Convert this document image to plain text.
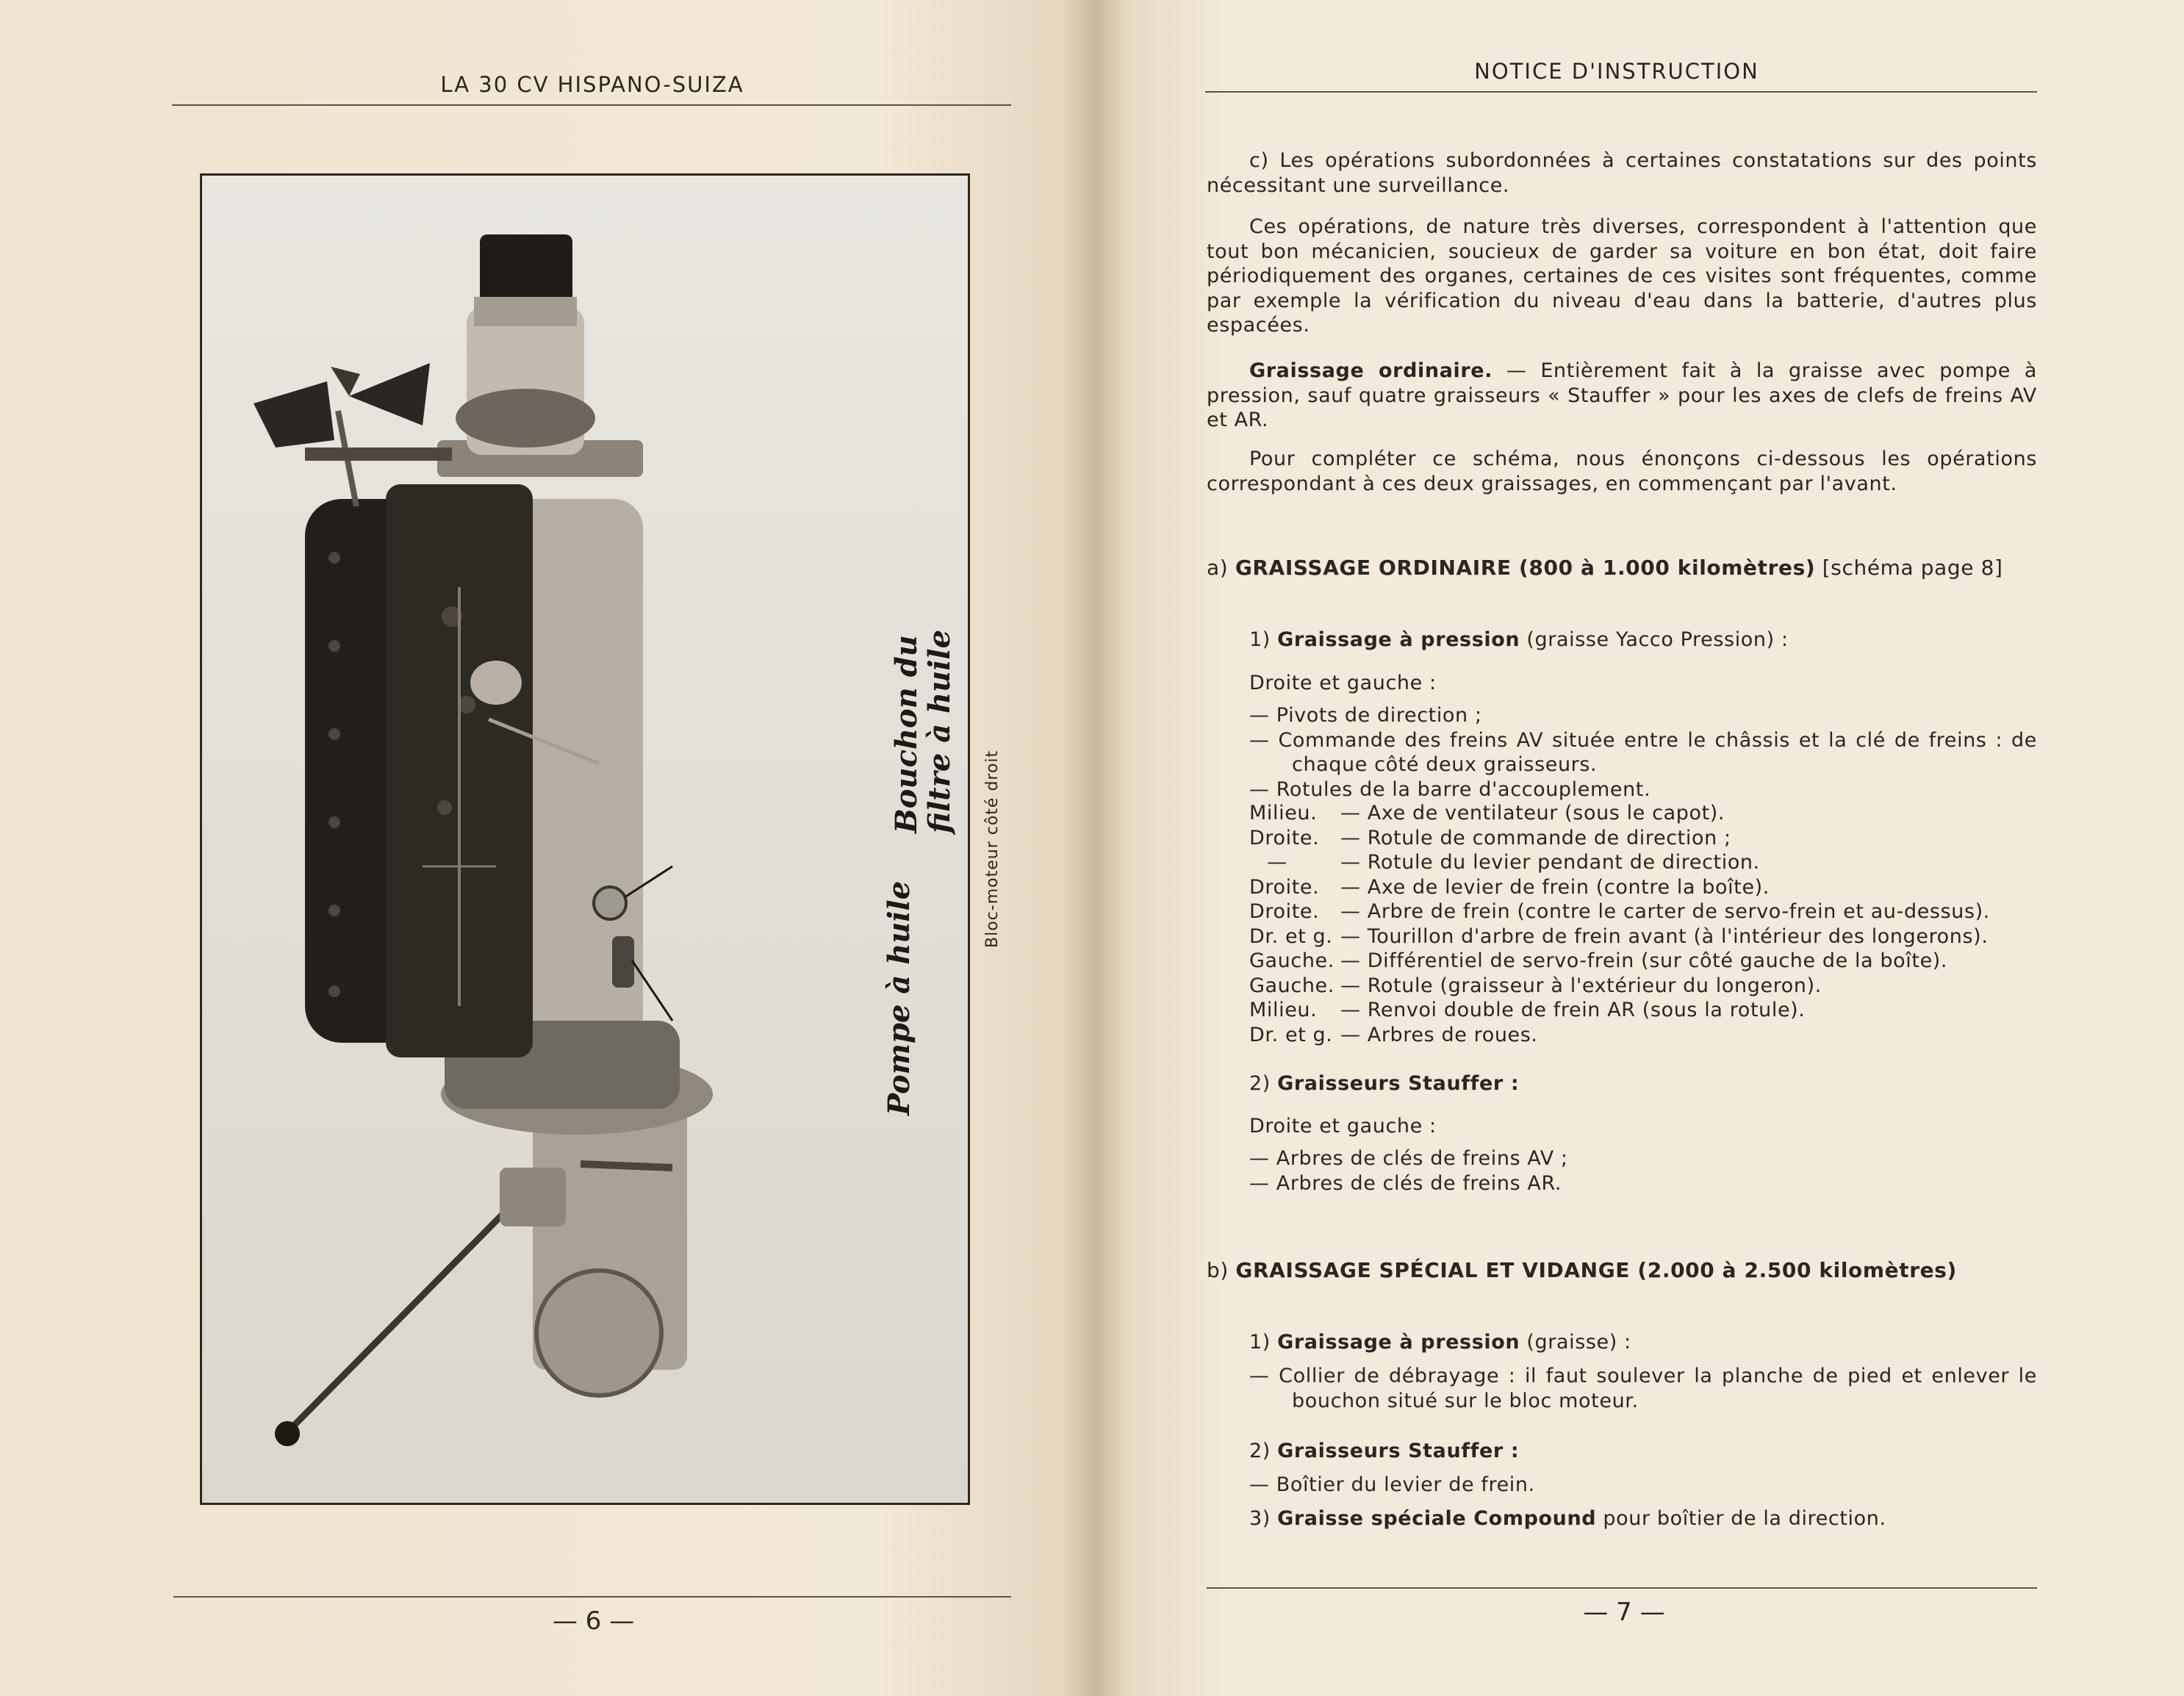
LA 30 CV HISPANO-SUIZA
Bouchon du
filtre à huile
Pompe à huile
Bloc-moteur côté droit
— 6 —
NOTICE D'INSTRUCTION
c) Les opérations subordonnées à certaines constatations sur des points nécessitant une surveillance.
Ces opérations, de nature très diverses, correspondent à l'attention que tout bon mécanicien, soucieux de garder sa voiture en bon état, doit faire périodiquement des organes, certaines de ces visites sont fréquentes, comme par exemple la vérification du niveau d'eau dans la batterie, d'autres plus espacées.
Graissage ordinaire. — Entièrement fait à la graisse avec pompe à pression, sauf quatre graisseurs « Stauffer » pour les axes de clefs de freins AV et AR.
Pour compléter ce schéma, nous énonçons ci-dessous les opérations correspondant à ces deux graissages, en commençant par l'avant.
a) GRAISSAGE ORDINAIRE (800 à 1.000 kilomètres) [schéma page 8]
1) Graissage à pression (graisse Yacco Pression) :
Droite et gauche :
— Pivots de direction ;
— Commande des freins AV située entre le châssis et la clé de freins : de chaque côté deux graisseurs.
— Rotules de la barre d'accouplement.
Milieu. — Axe de ventilateur (sous le capot).
Droite. — Rotule de commande de direction ;
—	— Rotule du levier pendant de direction.
Droite. — Axe de levier de frein (contre la boîte).
Droite. — Arbre de frein (contre le carter de servo-frein et au-dessus).
Dr. et g. — Tourillon d'arbre de frein avant (à l'intérieur des longerons).
Gauche. — Différentiel de servo-frein (sur côté gauche de la boîte).
Gauche. — Rotule (graisseur à l'extérieur du longeron).
Milieu. — Renvoi double de frein AR (sous la rotule).
Dr. et g. — Arbres de roues.
2) Graisseurs Stauffer :
Droite et gauche :
— Arbres de clés de freins AV ;
— Arbres de clés de freins AR.
b) GRAISSAGE SPÉCIAL ET VIDANGE (2.000 à 2.500 kilomètres)
1) Graissage à pression (graisse) :
— Collier de débrayage : il faut soulever la planche de pied et enlever le bouchon situé sur le bloc moteur.
2) Graisseurs Stauffer :
— Boîtier du levier de frein.
3) Graisse spéciale Compound pour boîtier de la direction.
— 7 —
